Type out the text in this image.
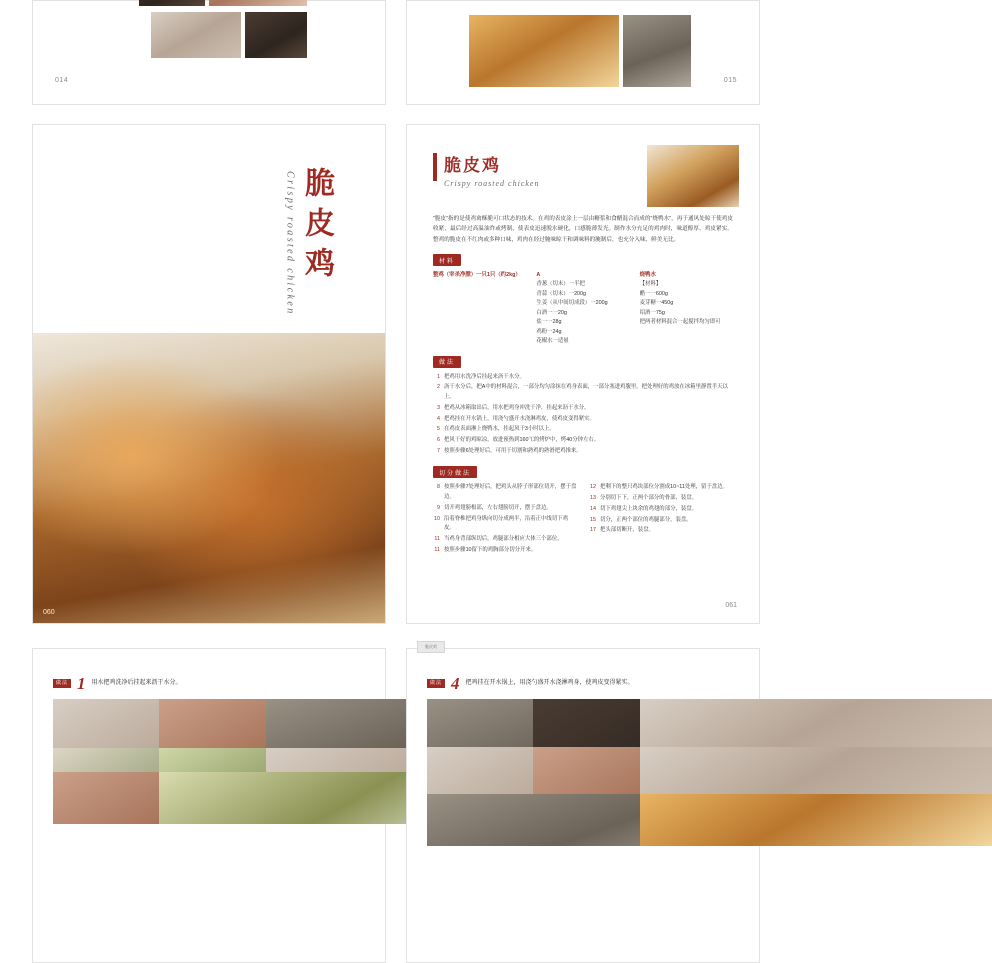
014	015
脆皮鸡
Crispy roasted chicken
060
脆皮鸡
Crispy roasted chicken
“脆皮”指的是使鸡禽酥脆可口状态的技术。在鸡的表皮涂上一层由糖浆和食醋混合而成的“烧鸭水”，再于通风处晾干使鸡皮收紧，最后经过高温油炸或烤制，使表皮迅速脱水硬化，口感脆薄发光。制作水分充足的鸡肉时，味道醇厚、鸡皮紧实。整鸡的脆皮在不红肉或多种口味，鸡肉在经过腌味晾干和调味料的腌制后，也充分入味，鲜美无比。
材料
整鸡（宰杀净膛）一只1只（约2kg）	A
香葱（切末）一半把
青蒜（切末）一200g
生姜（从中间切成段）一200g
白酒一一20g
盐一一28g
鸡粉一24g
花椒水一适量
烧鸭水
【材料】
醋一一600g
麦芽糖一450g
绍酒一75g
把两者材料混合一起搅拌均匀即可
做法
1 把鸡用水洗净后挂起来沥干水分。
2 沥干水分后，把A中的材料混合，一部分均匀涂抹在鸡身表面，一部分塞进鸡腹里。把处理好的鸡放在冰箱里静置半天以上。
3 把鸡从冰箱取出后，用水把鸡身冲洗干净，挂起来沥干水分。
4 把鸡挂在开水锅上，用浇勺盛开水浇淋鸡皮，使鸡皮变得紧实。
5 在鸡皮表面淋上烧鸭水，挂起风干3小时以上。
6 把风干好的鸡晾凉，放进预热到160℃的烤炉中，烤40分钟左右。
7 按照步骤6处理好后，可用于切割和熟鸡的熟滑把鸡推来。
切分做法
8 按照步骤7处理好后，把鸡头从脖子形部位切开，摆于盘边。
9 切开鸡翅膀根部，左右翅膀切开，摆于盘边。
10 沿着脊椎把鸡身纵向切分成两半，沿着正中线切下鸡皮。
11 当鸡身背部纵切后，鸡腿部分相应大体三个部位。
11 按照步骤10留下的鸡胸部分切分开来。
12 把剩下的整只鸡块部位分割成10~11处理，留于盘边。
13 分别切下下，正两个部分的骨部，装盘。
14 切下鸡翅尖上块余的鸡翅的部分，装盘。
15 切分，正两个部位的鸡腿部分，装盘。
17 把头部切断开，装盘。
061
做法 1 用水把鸡洗净后挂起来沥干水分。
脆皮鸡
做法 4 把鸡挂在开水锅上，用浇勺盛开水浇淋鸡身，使鸡皮变得紧实。
